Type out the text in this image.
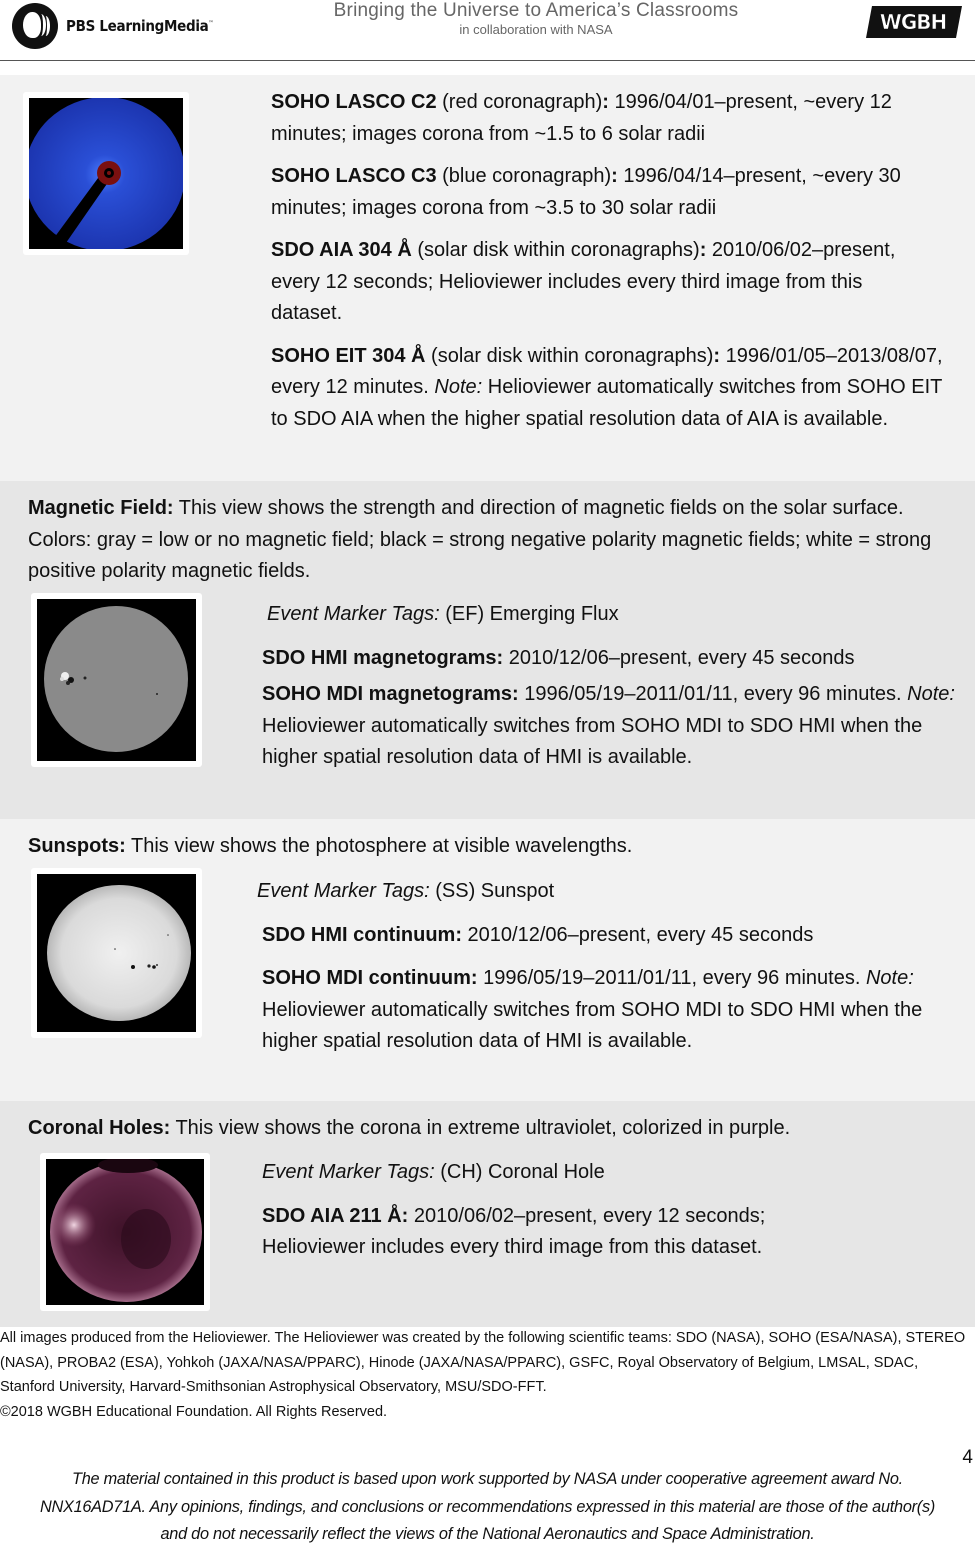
PBS LearningMedia™
Bringing the Universe to America’s Classrooms
in collaboration with NASA	WGBH

SOHO LASCO C2 (red coronagraph): 1996/04/01–present, ~every 12 minutes; images corona from ~1.5 to 6 solar radii

SOHO LASCO C3 (blue coronagraph): 1996/04/14–present, ~every 30 minutes; images corona from ~3.5 to 30 solar radii

SDO AIA 304 Å (solar disk within coronagraphs): 2010/06/02–present, every 12 seconds; Helioviewer includes every third image from this dataset.

SOHO EIT 304 Å (solar disk within coronagraphs): 1996/01/05–2013/08/07, every 12 minutes. Note: Helioviewer automatically switches from SOHO EIT to SDO AIA when the higher spatial resolution data of AIA is available.

Magnetic Field: This view shows the strength and direction of magnetic fields on the solar surface. Colors: gray = low or no magnetic field; black = strong negative polarity magnetic fields; white = strong positive polarity magnetic fields.

Event Marker Tags: (EF) Emerging Flux

SDO HMI magnetograms: 2010/12/06–present, every 45 seconds

SOHO MDI magnetograms: 1996/05/19–2011/01/11, every 96 minutes. Note: Helioviewer automatically switches from SOHO MDI to SDO HMI when the higher spatial resolution data of HMI is available.

Sunspots: This view shows the photosphere at visible wavelengths.

Event Marker Tags: (SS) Sunspot

SDO HMI continuum: 2010/12/06–present, every 45 seconds

SOHO MDI continuum: 1996/05/19–2011/01/11, every 96 minutes. Note: Helioviewer automatically switches from SOHO MDI to SDO HMI when the higher spatial resolution data of HMI is available.

Coronal Holes: This view shows the corona in extreme ultraviolet, colorized in purple.

Event Marker Tags: (CH) Coronal Hole

SDO AIA 211 Å: 2010/06/02–present, every 12 seconds; Helioviewer includes every third image from this dataset.

All images produced from the Helioviewer. The Helioviewer was created by the following scientific teams: SDO (NASA), SOHO (ESA/NASA), STEREO (NASA), PROBA2 (ESA), Yohkoh (JAXA/NASA/PPARC), Hinode (JAXA/NASA/PPARC), GSFC, Royal Observatory of Belgium, LMSAL, SDAC, Stanford University, Harvard-Smithsonian Astrophysical Observatory, MSU/SDO-FFT.

©2018 WGBH Educational Foundation. All Rights Reserved.

4
The material contained in this product is based upon work supported by NASA under cooperative agreement award No.
NNX16AD71A. Any opinions, findings, and conclusions or recommendations expressed in this material are those of the author(s)
and do not necessarily reflect the views of the National Aeronautics and Space Administration.
